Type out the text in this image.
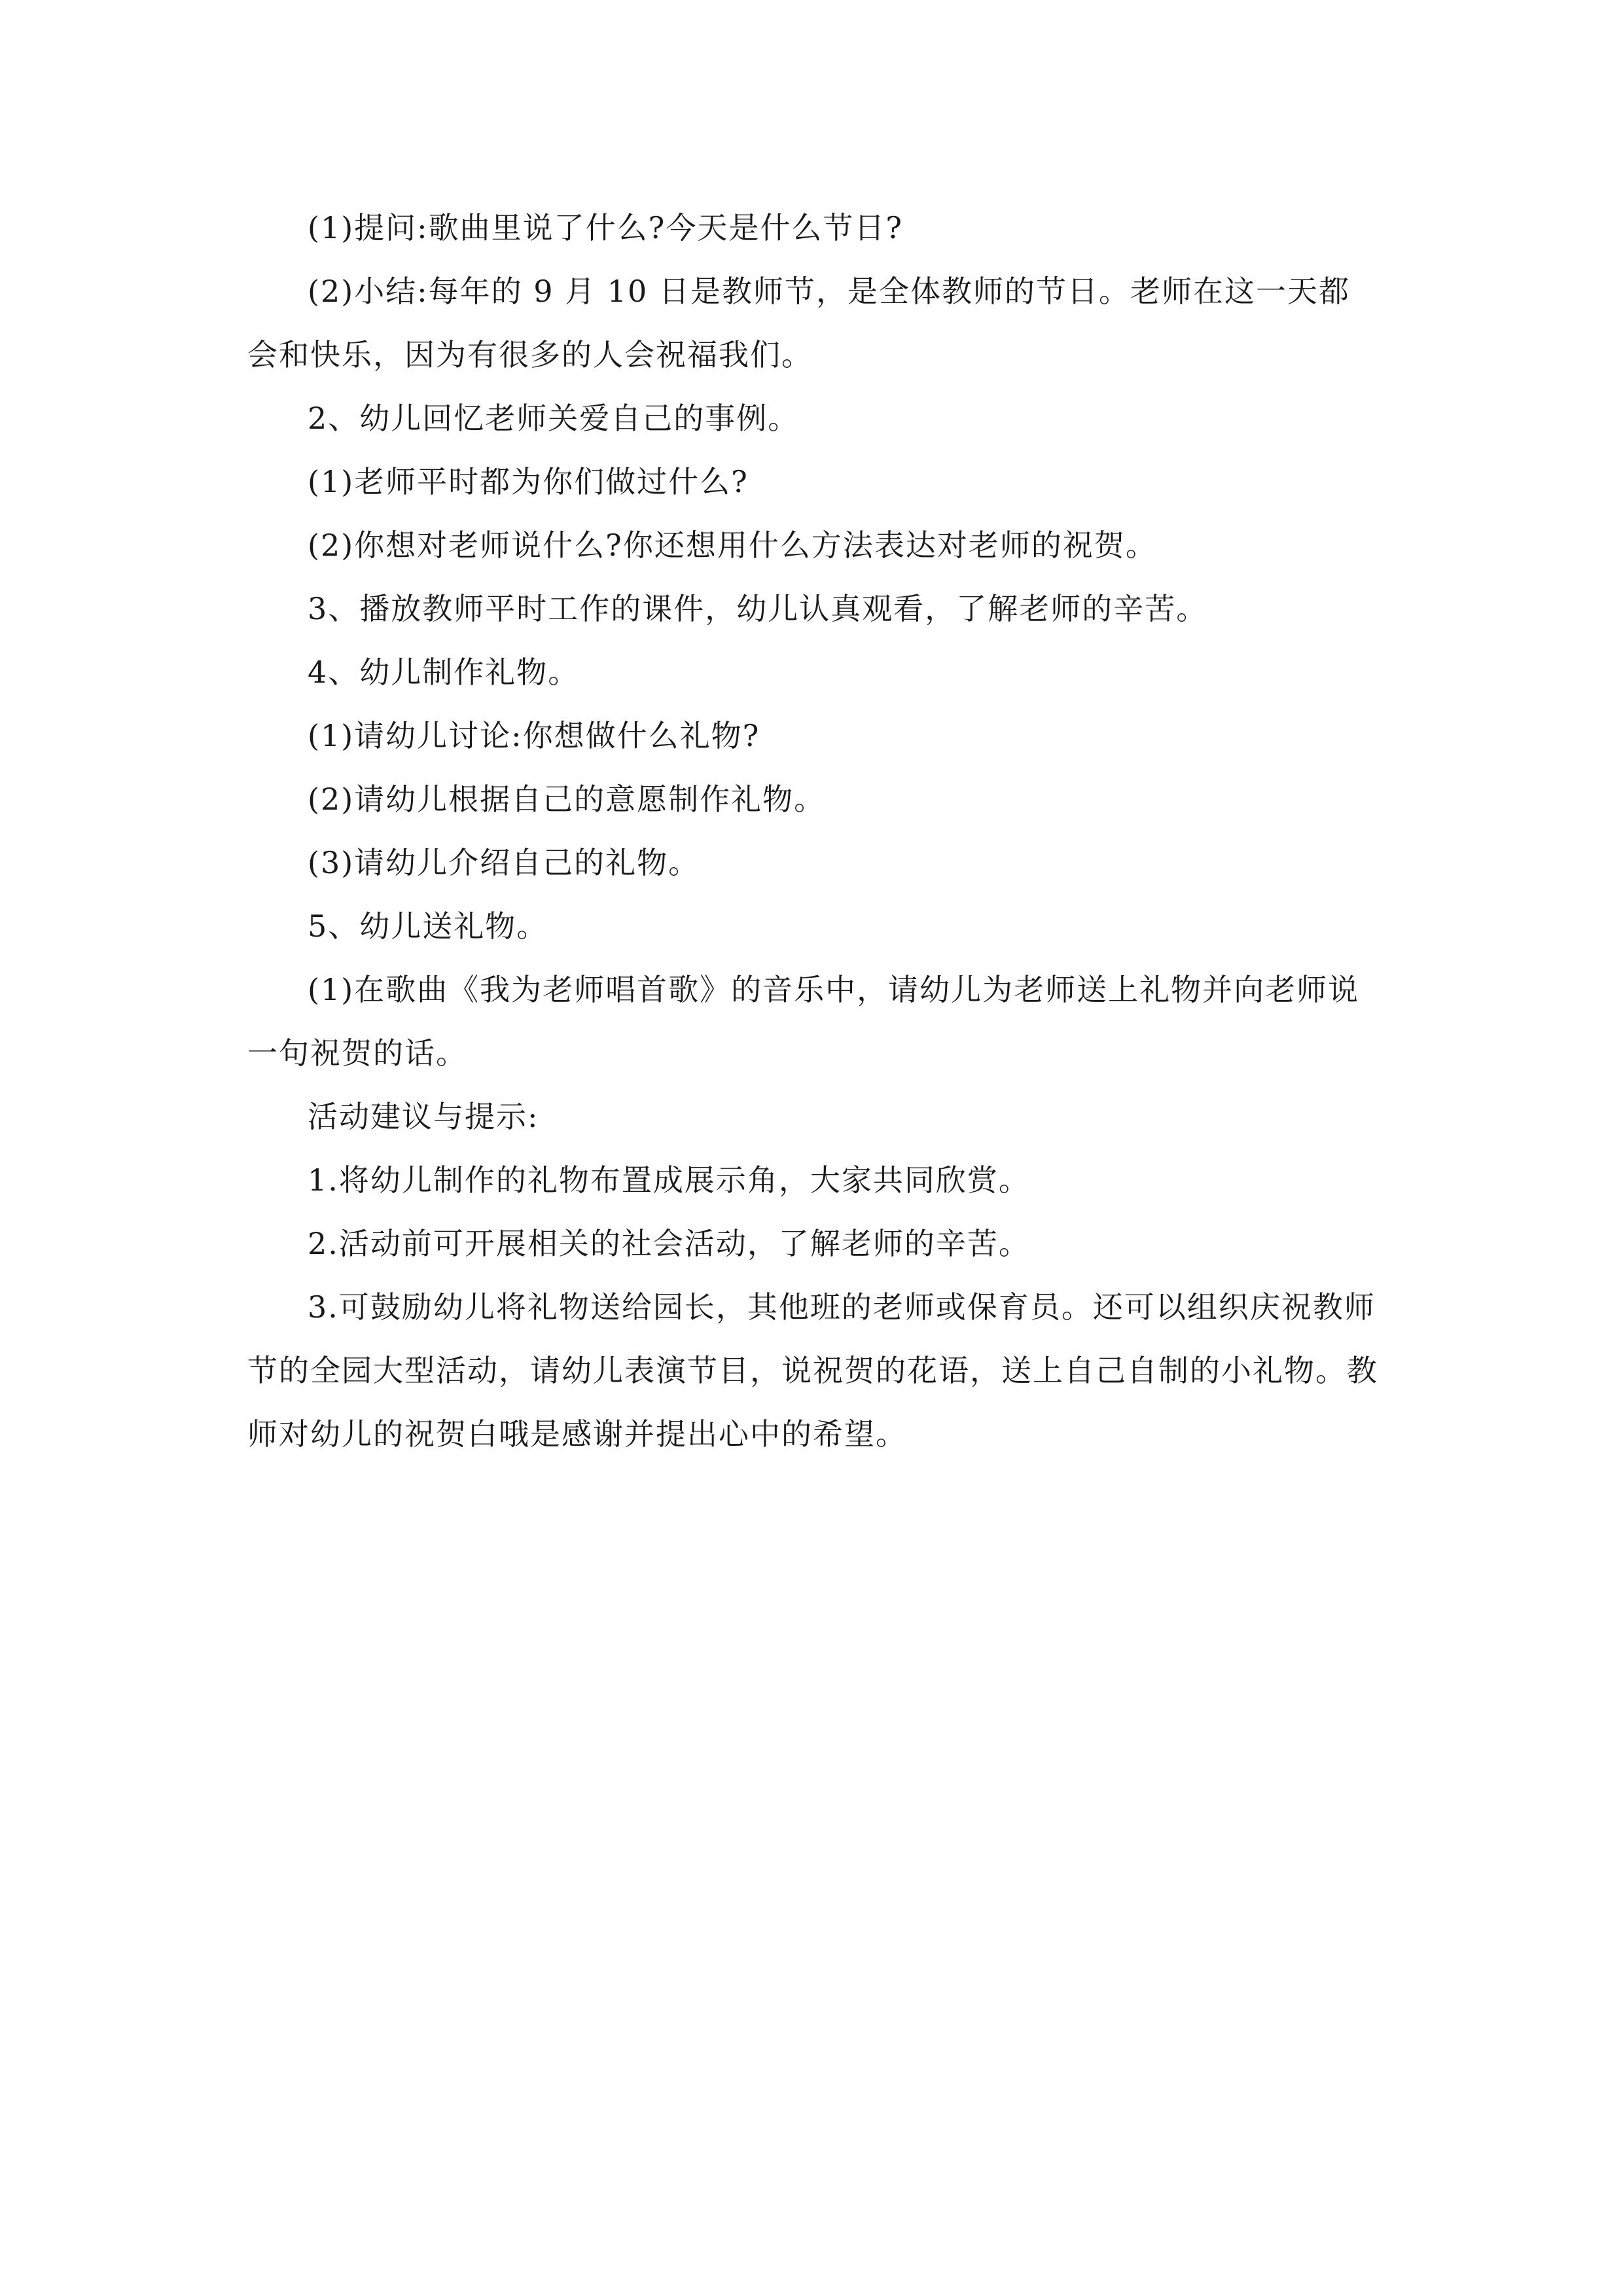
(1)提问:歌曲里说了什么?今天是什么节日?

(2)小结:每年的 9 月 10 日是教师节，是全体教师的节日。老师在这一天都会和快乐，因为有很多的人会祝福我们。

2、幼儿回忆老师关爱自己的事例。

(1)老师平时都为你们做过什么?

(2)你想对老师说什么?你还想用什么方法表达对老师的祝贺。

3、播放教师平时工作的课件，幼儿认真观看，了解老师的辛苦。

4、幼儿制作礼物。

(1)请幼儿讨论:你想做什么礼物?

(2)请幼儿根据自己的意愿制作礼物。

(3)请幼儿介绍自己的礼物。

5、幼儿送礼物。

(1)在歌曲《我为老师唱首歌》的音乐中，请幼儿为老师送上礼物并向老师说一句祝贺的话。

活动建议与提示:

1.将幼儿制作的礼物布置成展示角，大家共同欣赏。

2.活动前可开展相关的社会活动，了解老师的辛苦。

3.可鼓励幼儿将礼物送给园长，其他班的老师或保育员。还可以组织庆祝教师节的全园大型活动，请幼儿表演节目，说祝贺的花语，送上自己自制的小礼物。教师对幼儿的祝贺白哦是感谢并提出心中的希望。
